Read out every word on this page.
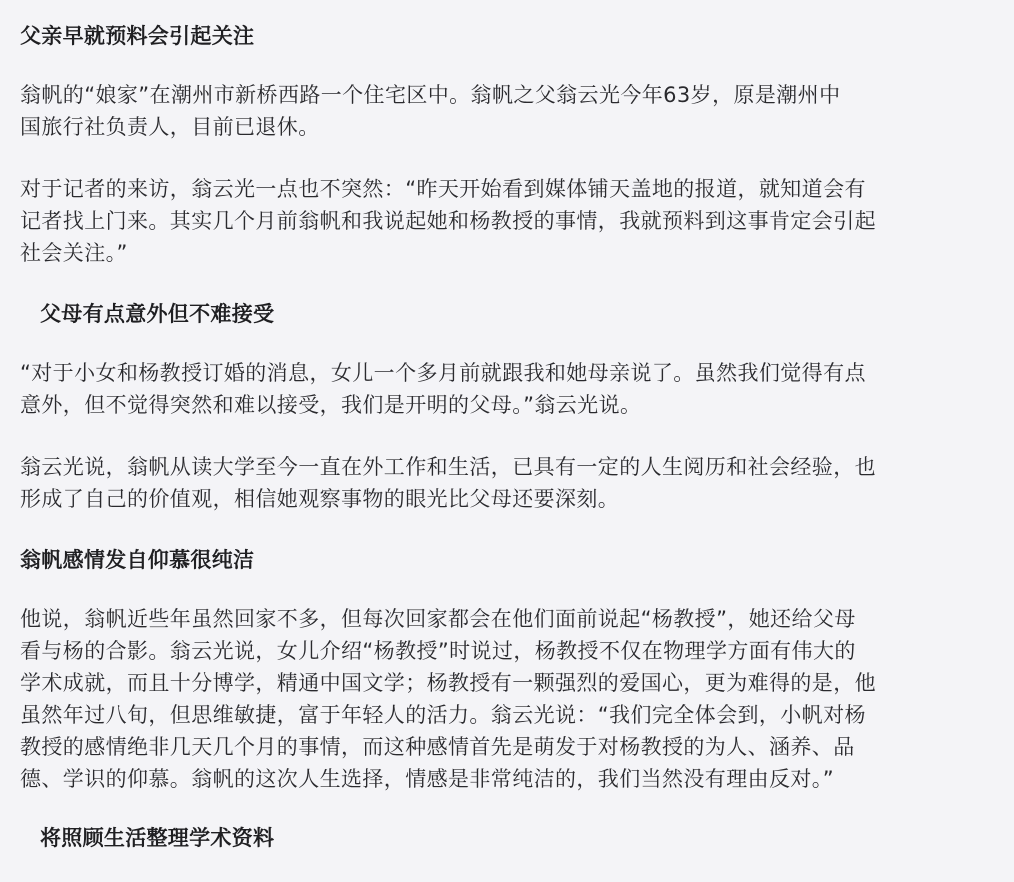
父亲早就预料会引起关注

翁帆的“娘家”在潮州市新桥西路一个住宅区中。翁帆之父翁云光今年63岁，原是潮州中
国旅行社负责人，目前已退休。

对于记者的来访，翁云光一点也不突然：“昨天开始看到媒体铺天盖地的报道，就知道会有
记者找上门来。其实几个月前翁帆和我说起她和杨教授的事情，我就预料到这事肯定会引起
社会关注。”

父母有点意外但不难接受

“对于小女和杨教授订婚的消息，女儿一个多月前就跟我和她母亲说了。虽然我们觉得有点
意外，但不觉得突然和难以接受，我们是开明的父母。”翁云光说。

翁云光说，翁帆从读大学至今一直在外工作和生活，已具有一定的人生阅历和社会经验，也
形成了自己的价值观，相信她观察事物的眼光比父母还要深刻。

翁帆感情发自仰慕很纯洁

他说，翁帆近些年虽然回家不多，但每次回家都会在他们面前说起“杨教授”，她还给父母
看与杨的合影。翁云光说，女儿介绍“杨教授”时说过，杨教授不仅在物理学方面有伟大的
学术成就，而且十分博学，精通中国文学；杨教授有一颗强烈的爱国心，更为难得的是，他
虽然年过八旬，但思维敏捷，富于年轻人的活力。翁云光说：“我们完全体会到，小帆对杨
教授的感情绝非几天几个月的事情，而这种感情首先是萌发于对杨教授的为人、涵养、品
德、学识的仰慕。翁帆的这次人生选择，情感是非常纯洁的，我们当然没有理由反对。”

将照顾生活整理学术资料
